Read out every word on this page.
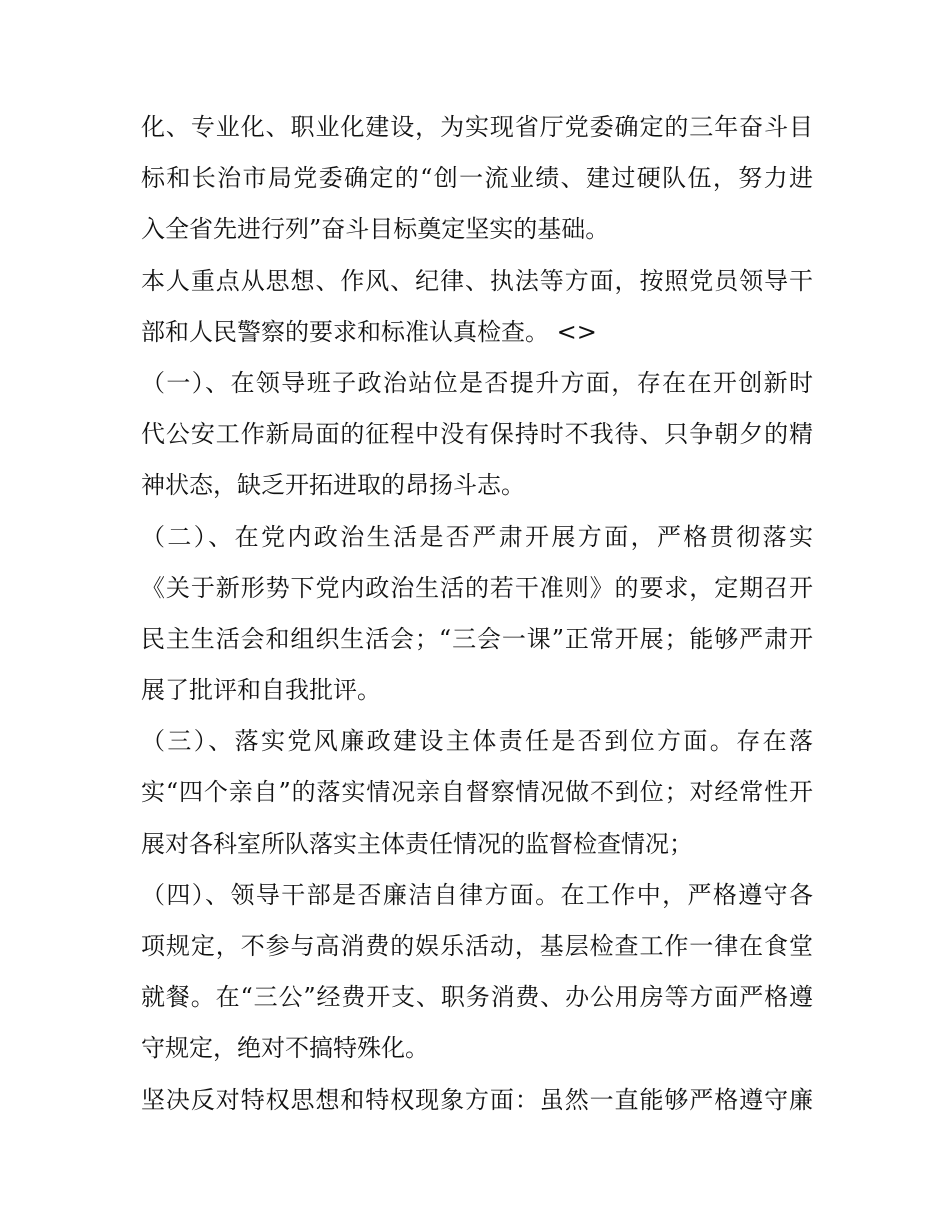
化、专业化、职业化建设，为实现省厅党委确定的三年奋斗目
标和长治市局党委确定的“创一流业绩、建过硬队伍，努力进
入全省先进行列”奋斗目标奠定坚实的基础。
本人重点从思想、作风、纪律、执法等方面，按照党员领导干
部和人民警察的要求和标准认真检查。 <>
（一）、在领导班子政治站位是否提升方面，存在在开创新时
代公安工作新局面的征程中没有保持时不我待、只争朝夕的精
神状态，缺乏开拓进取的昂扬斗志。
（二）、在党内政治生活是否严肃开展方面，严格贯彻落实
《关于新形势下党内政治生活的若干准则》的要求，定期召开
民主生活会和组织生活会；“三会一课”正常开展；能够严肃开
展了批评和自我批评。
（三）、落实党风廉政建设主体责任是否到位方面。存在落
实“四个亲自”的落实情况亲自督察情况做不到位；对经常性开
展对各科室所队落实主体责任情况的监督检查情况；
（四）、领导干部是否廉洁自律方面。在工作中，严格遵守各
项规定，不参与高消费的娱乐活动，基层检查工作一律在食堂
就餐。在“三公”经费开支、职务消费、办公用房等方面严格遵
守规定，绝对不搞特殊化。
坚决反对特权思想和特权现象方面：虽然一直能够严格遵守廉
